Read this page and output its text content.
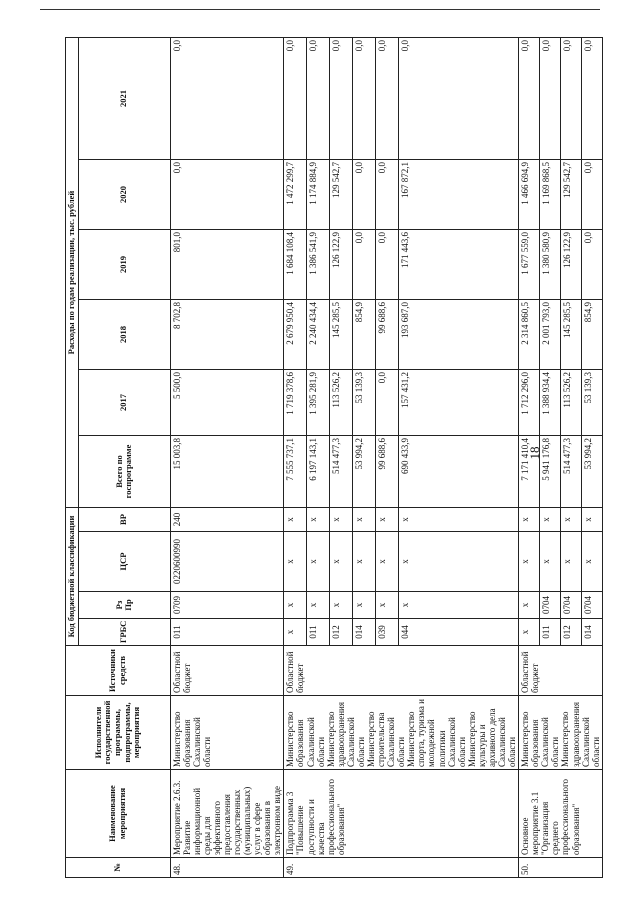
18
№	Наименование мероприятия	Исполнители государственной программы, подпрограммы, мероприятия	Источники средств	Код бюджетной классификации				Расходы по годам реализации, тыс. рублей					
				ГРБС	Рз Пр	ЦСР	ВР	Всего по госпрограмме	2017	2018	2019	2020	2021
48.	Мероприятие 2.6.3. Развитие информационной среды для эффективного предоставления государственных (муниципальных) услуг в сфере образования в электронном виде	Министерство образования Сахалинской области	Областной бюджет	011	0709	0220600990	240	15 003,8	5 500,0	8 702,8	801,0	0,0	0,0
49.	Подпрограмма 3 "Повышение доступности и качества профессионального образования"	Министерство образования Сахалинской области Министерство здравоохранения Сахалинской области Министерство строительства Сахалинской области Министерство спорта, туризма и молодежной политики Сахалинской области Министерство культуры и архивного дела Сахалинской области	Областной бюджет	x	x	x	x	7 555 737,1	1 719 378,6	2 679 950,4	1 684 108,4	1 472 299,7	0,0
				011	x	x	x	6 197 143,1	1 395 281,9	2 240 434,4	1 386 541,9	1 174 884,9	0,0
				012	x	x	x	514 477,3	113 526,2	145 285,5	126 122,9	129 542,7	0,0
				014	x	x	x	53 994,2	53 139,3	854,9	0,0	0,0	0,0
				039	x	x	x	99 688,6	0,0	99 688,6	0,0	0,0	0,0
				044	x	x	x	690 433,9	157 431,2	193 687,0	171 443,6	167 872,1	0,0
50.	Основное мероприятие 3.1 "Организация среднего профессионального образования"	Министерство образования Сахалинской области Министерство здравоохранения Сахалинской области	Областной бюджет	x	x	x	x	7 171 410,4	1 712 296,0	2 314 860,5	1 677 559,0	1 466 694,9	0,0
				011	0704	x	x	5 941 176,8	1 388 934,4	2 001 793,0	1 380 580,9	1 169 868,5	0,0
				012	0704	x	x	514 477,3	113 526,2	145 285,5	126 122,9	129 542,7	0,0
				014	0704	x	x	53 994,2	53 139,3	854,9	0,0	0,0	0,0
